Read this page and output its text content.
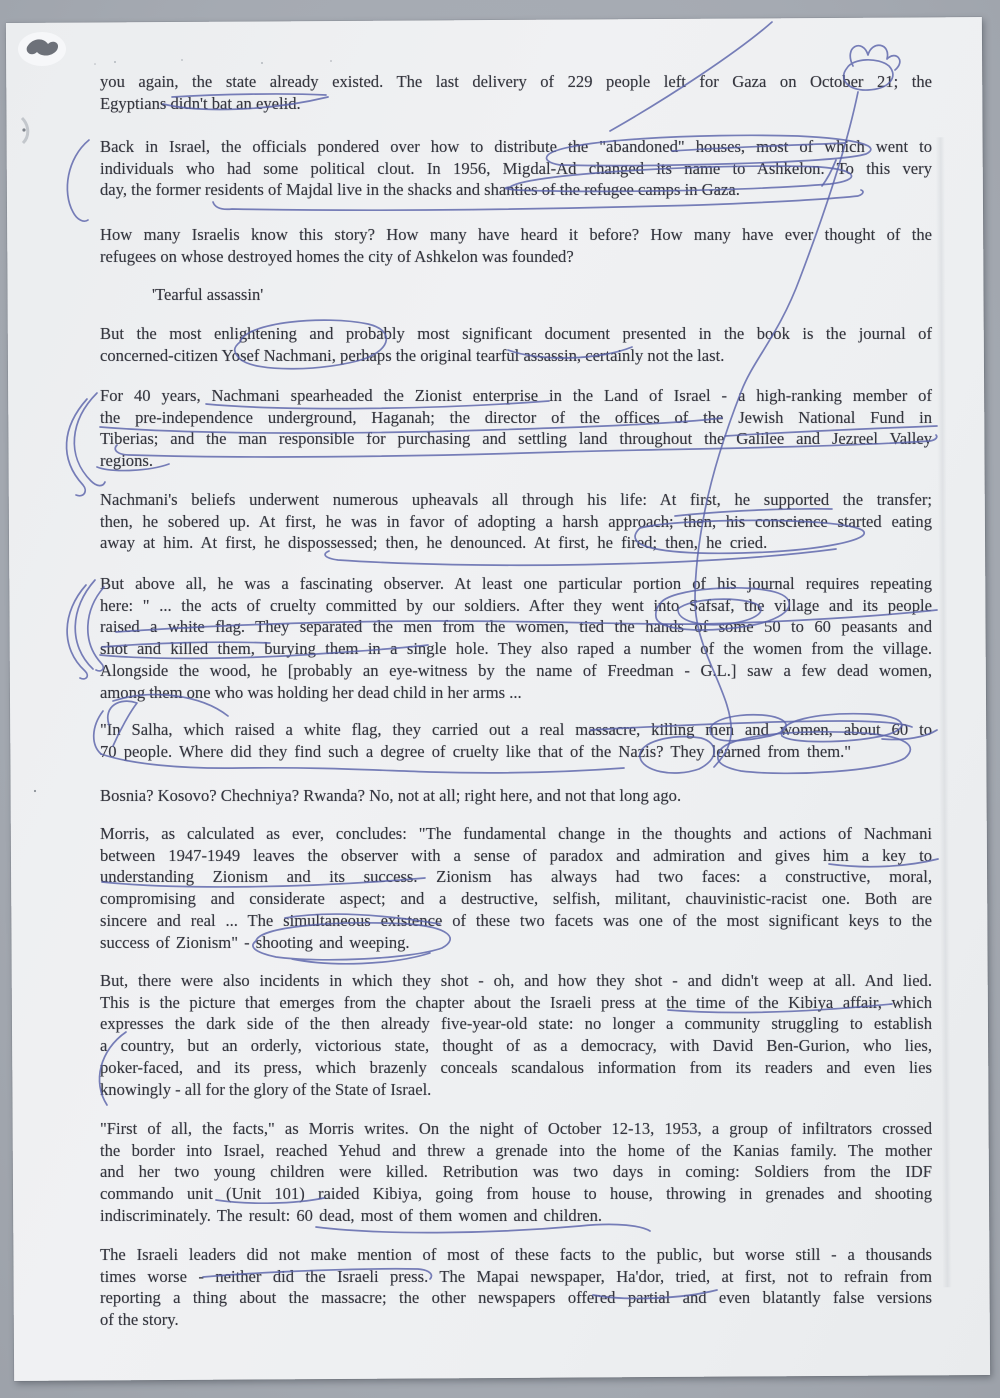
you again, the state already existed. The last delivery of 229 people left for Gaza on October 21; the
Egyptians didn't bat an eyelid.
Back in Israel, the officials pondered over how to distribute the "abandoned" houses, most of which went to
individuals who had some political clout. In 1956, Migdal-Ad changed its name to Ashkelon. To this very
day, the former residents of Majdal live in the shacks and shanties of the refugee camps in Gaza.
How many Israelis know this story? How many have heard it before? How many have ever thought of the
refugees on whose destroyed homes the city of Ashkelon was founded?
'Tearful assassin'
But the most enlightening and probably most significant document presented in the book is the journal of
concerned-citizen Yosef Nachmani, perhaps the original tearful assassin, certainly not the last.
For 40 years, Nachmani spearheaded the Zionist enterprise in the Land of Israel - a high-ranking member of
the pre-independence underground, Haganah; the director of the offices of the Jewish National Fund in
Tiberias; and the man responsible for purchasing and settling land throughout the Galilee and Jezreel Valley
regions.
Nachmani's beliefs underwent numerous upheavals all through his life: At first, he supported the transfer;
then, he sobered up. At first, he was in favor of adopting a harsh approach; then, his conscience started eating
away at him. At first, he dispossessed; then, he denounced. At first, he fired; then, he cried.
But above all, he was a fascinating observer. At least one particular portion of his journal requires repeating
here: " ... the acts of cruelty committed by our soldiers. After they went into Safsaf, the village and its people
raised a white flag. They separated the men from the women, tied the hands of some 50 to 60 peasants and
shot and killed them, burying them in a single hole. They also raped a number of the women from the village.
Alongside the wood, he [probably an eye-witness by the name of Freedman - G.L.] saw a few dead women,
among them one who was holding her dead child in her arms ...
"In Salha, which raised a white flag, they carried out a real massacre, killing men and women, about 60 to
70 people. Where did they find such a degree of cruelty like that of the Nazis? They learned from them."
Bosnia? Kosovo? Chechniya? Rwanda? No, not at all; right here, and not that long ago.
Morris, as calculated as ever, concludes: "The fundamental change in the thoughts and actions of Nachmani
between 1947-1949 leaves the observer with a sense of paradox and admiration and gives him a key to
understanding Zionism and its success. Zionism has always had two faces: a constructive, moral,
compromising and considerate aspect; and a destructive, selfish, militant, chauvinistic-racist one. Both are
sincere and real ... The simultaneous existence of these two facets was one of the most significant keys to the
success of Zionism" - shooting and weeping.
But, there were also incidents in which they shot - oh, and how they shot - and didn't weep at all. And lied.
This is the picture that emerges from the chapter about the Israeli press at the time of the Kibiya affair, which
expresses the dark side of the then already five-year-old state: no longer a community struggling to establish
a country, but an orderly, victorious state, thought of as a democracy, with David Ben-Gurion, who lies,
poker-faced, and its press, which brazenly conceals scandalous information from its readers and even lies
knowingly - all for the glory of the State of Israel.
"First of all, the facts," as Morris writes. On the night of October 12-13, 1953, a group of infiltrators crossed
the border into Israel, reached Yehud and threw a grenade into the home of the Kanias family. The mother
and her two young children were killed. Retribution was two days in coming: Soldiers from the IDF
commando unit (Unit 101) raided Kibiya, going from house to house, throwing in grenades and shooting
indiscriminately. The result: 60 dead, most of them women and children.
The Israeli leaders did not make mention of most of these facts to the public, but worse still - a thousands
times worse - neither did the Israeli press. The Mapai newspaper, Ha'dor, tried, at first, not to refrain from
reporting a thing about the massacre; the other newspapers offered partial and even blatantly false versions
of the story.
